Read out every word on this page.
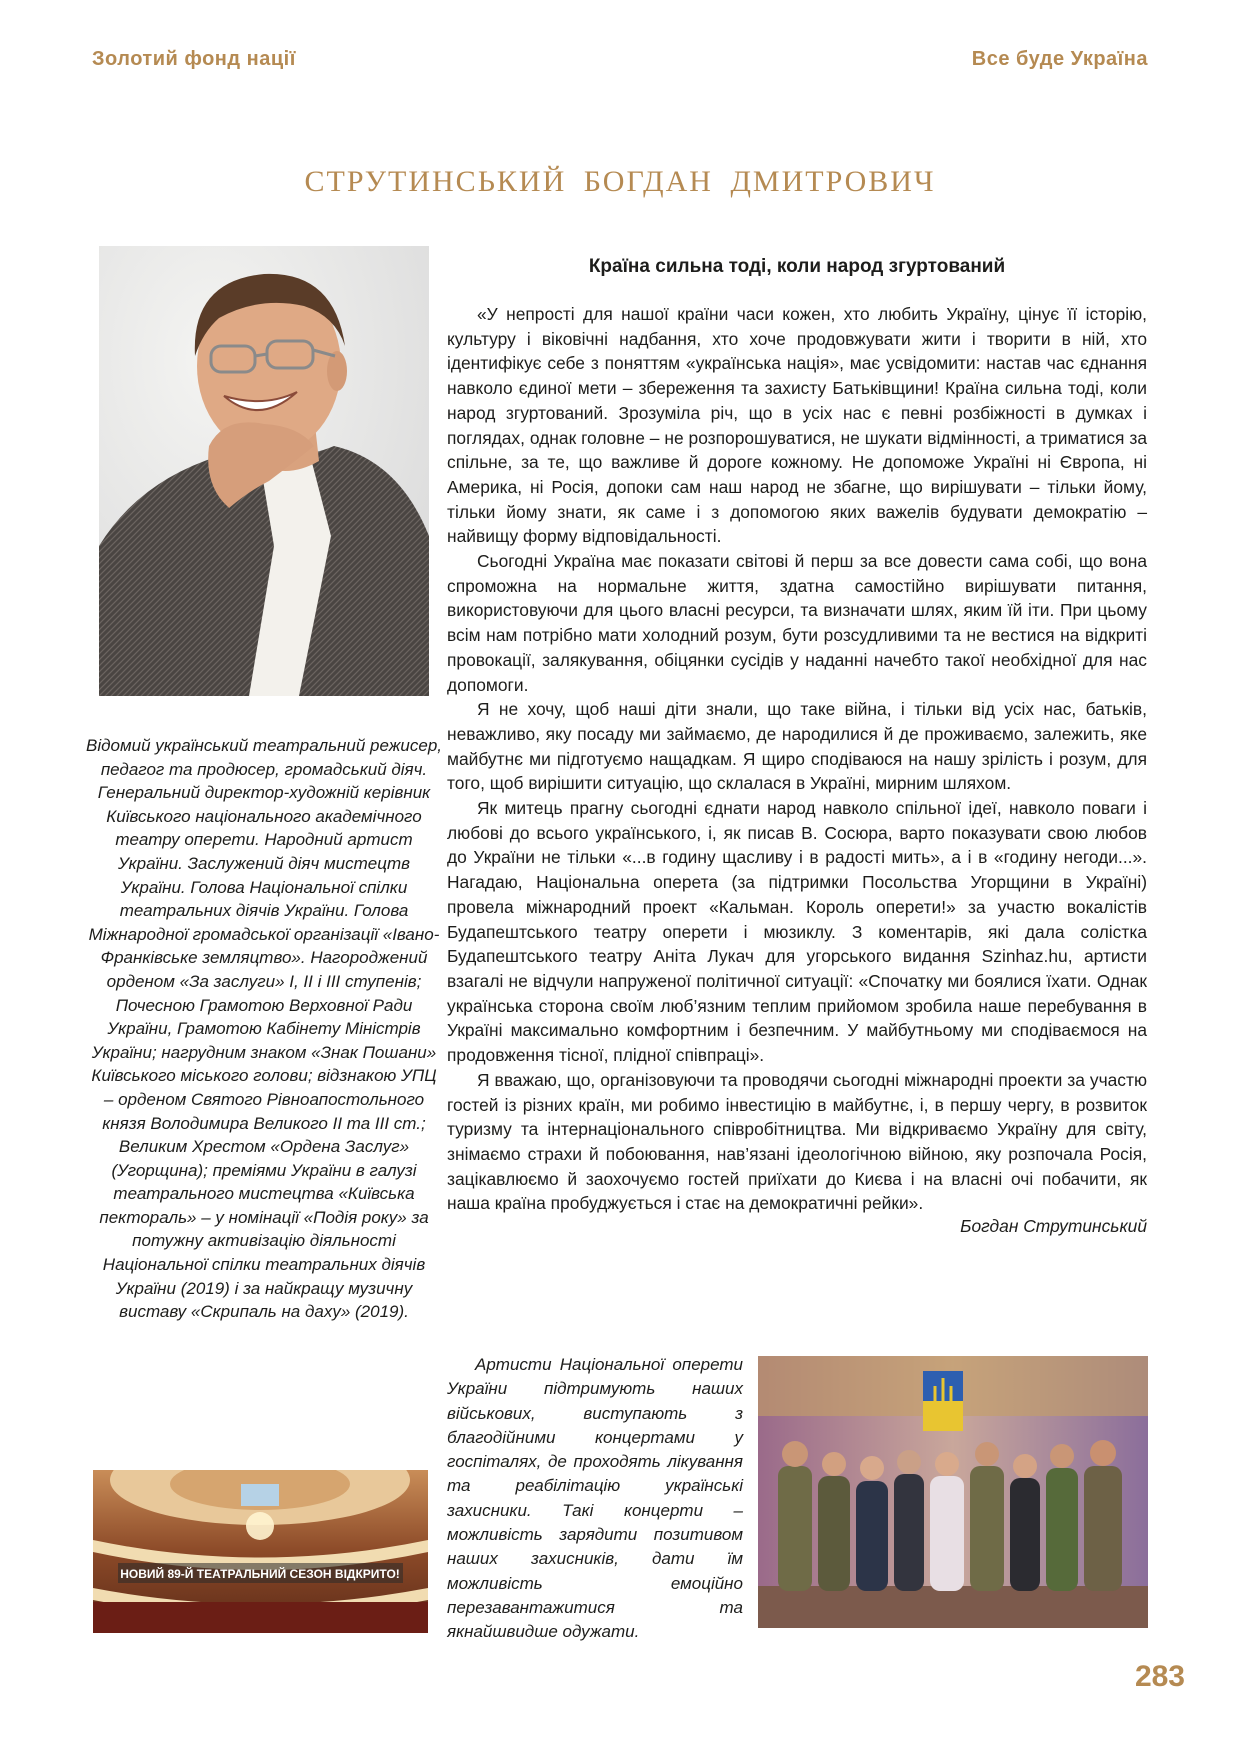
Золотий фонд нації	Все буде Україна
СТРУТИНСЬКИЙ БОГДАН ДМИТРОВИЧ
Відомий український театральний режисер, педагог та продюсер, громадський діяч. Генеральний директор-художній керівник Київського національного академічного театру оперети. Народний артист України. Заслужений діяч мистецтв України. Голова Національної спілки театральних діячів України. Голова Міжнародної громадської організації «Івано-Франківське земляцтво». Нагороджений орденом «За заслуги» I, II і III ступенів; Почесною Грамотою Верховної Ради України, Грамотою Кабінету Міністрів України; нагрудним знаком «Знак Пошани» Київського міського голови; відзнакою УПЦ – орденом Святого Рівноапостольного князя Володимира Великого II та III ст.; Великим Хрестом «Ордена Заслуг» (Угорщина); преміями України в галузі театрального мистецтва «Київська пектораль» – у номінації «Подія року» за потужну активізацію діяльності Національної спілки театральних діячів України (2019) і за найкращу музичну виставу «Скрипаль на даху» (2019).
НОВИЙ 89-Й ТЕАТРАЛЬНИЙ СЕЗОН ВІДКРИТО!
Країна сильна тоді, коли народ згуртований

«У непрості для нашої країни часи кожен, хто любить Україну, цінує її історію, культуру і віковічні надбання, хто хоче продовжувати жити і творити в ній, хто ідентифікує себе з поняттям «українська нація», має усвідомити: настав час єднання навколо єдиної мети – збереження та захисту Батьківщини! Країна сильна тоді, коли народ згуртований. Зрозуміла річ, що в усіх нас є певні розбіжності в думках і поглядах, однак головне – не розпорошуватися, не шукати відмінності, а триматися за спільне, за те, що важливе й дороге кожному. Не допоможе Україні ні Європа, ні Америка, ні Росія, допоки сам наш народ не збагне, що вирішувати – тільки йому, тільки йому знати, як саме і з допомогою яких важелів будувати демократію – найвищу форму відповідальності.

Сьогодні Україна має показати світові й перш за все довести сама собі, що вона спроможна на нормальне життя, здатна самостійно вирішувати питання, використовуючи для цього власні ресурси, та визначати шлях, яким їй іти. При цьому всім нам потрібно мати холодний розум, бути розсудливими та не вестися на відкриті провокації, залякування, обіцянки сусідів у наданні начебто такої необхідної для нас допомоги.

Я не хочу, щоб наші діти знали, що таке війна, і тільки від усіх нас, батьків, неважливо, яку посаду ми займаємо, де народилися й де проживаємо, залежить, яке майбутнє ми підготуємо нащадкам. Я щиро сподіваюся на нашу зрілість і розум, для того, щоб вирішити ситуацію, що склалася в Україні, мирним шляхом.

Як митець прагну сьогодні єднати народ навколо спільної ідеї, навколо поваги і любові до всього українського, і, як писав В. Сосюра, варто показувати свою любов до України не тільки «...в годину щасливу і в радості мить», а і в «годину негоди...». Нагадаю, Національна оперета (за підтримки Посольства Угорщини в Україні) провела міжнародний проект «Кальман. Король оперети!» за участю вокалістів Будапештського театру оперети і мюзиклу. З коментарів, які дала солістка Будапештського театру Аніта Лукач для угорського видання Szinhaz.hu, артисти взагалі не відчули напруженої політичної ситуації: «Спочатку ми боялися їхати. Однак українська сторона своїм люб’язним теплим прийомом зробила наше перебування в Україні максимально комфортним і безпечним. У майбутньому ми сподіваємося на продовження тісної, плідної співпраці».

Я вважаю, що, організовуючи та проводячи сьогодні міжнародні проекти за участю гостей із різних країн, ми робимо інвестицію в майбутнє, і, в першу чергу, в розвиток туризму та інтернаціонального співробітництва. Ми відкриваємо Україну для світу, знімаємо страхи й побоювання, нав’язані ідеологічною війною, яку розпочала Росія, зацікавлюємо й заохочуємо гостей приїхати до Києва і на власні очі побачити, як наша країна пробуджується і стає на демократичні рейки».

Богдан Струтинський

Артисти Національної оперети України підтримують наших військових, виступають з благодійними концертами у госпіталях, де проходять лікування та реабілітацію українські захисники. Такі концерти – можливість зарядити позитивом наших захисників, дати їм можливість емоційно перезавантажитися та якнайшвидше одужати.

283
